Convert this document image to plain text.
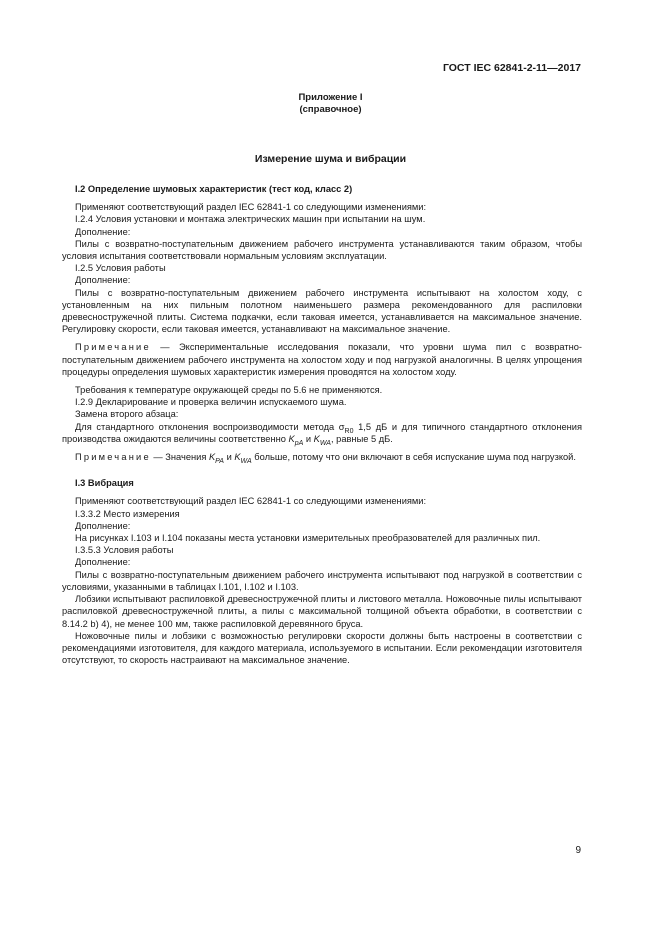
ГОСТ IEC 62841-2-11—2017
Приложение I
(справочное)
Измерение шума и вибрации

I.2 Определение шумовых характеристик (тест код, класс 2)

Применяют соответствующий раздел IEC 62841-1 со следующими изменениями:

I.2.4 Условия установки и монтажа электрических машин при испытании на шум.

Дополнение:

Пилы с возвратно-поступательным движением рабочего инструмента устанавливаются таким образом, чтобы условия испытания соответствовали нормальным условиям эксплуатации.

I.2.5 Условия работы

Дополнение:

Пилы с возвратно-поступательным движением рабочего инструмента испытывают на холостом ходу, с установленным на них пильным полотном наименьшего размера рекомендованного для распиловки древесностружечной плиты. Система подкачки, если таковая имеется, устанавливается на максимальное значение. Регулировку скорости, если таковая имеется, устанавливают на максимальное значение.

Примечание — Экспериментальные исследования показали, что уровни шума пил с возвратно-поступательным движением рабочего инструмента на холостом ходу и под нагрузкой аналогичны. В целях упрощения процедуры определения шумовых характеристик измерения проводятся на холостом ходу.

Требования к температуре окружающей среды по 5.6 не применяются.

I.2.9 Декларирование и проверка величин испускаемого шума.

Замена второго абзаца:

Для стандартного отклонения воспроизводимости метода $\sigma_{R0}$ 1,5 дБ и для типичного стандартного отклонения производства ожидаются величины соответственно $K_{pA}$ и $K_{WA}$, равные 5 дБ.

Примечание — Значения $K_{PA}$ и $K_{WA}$ больше, потому что они включают в себя испускание шума под нагрузкой.

I.3 Вибрация

Применяют соответствующий раздел IEC 62841-1 со следующими изменениями:

I.3.3.2 Место измерения

Дополнение:

На рисунках I.103 и I.104 показаны места установки измерительных преобразователей для различных пил.

I.3.5.3 Условия работы

Дополнение:

Пилы с возвратно-поступательным движением рабочего инструмента испытывают под нагрузкой в соответствии с условиями, указанными в таблицах I.101, I.102 и I.103.

Лобзики испытывают распиловкой древесностружечной плиты и листового металла. Ножовочные пилы испытывают распиловкой древесностружечной плиты, а пилы с максимальной толщиной объекта обработки, в соответствии с 8.14.2 b) 4), не менее 100 мм, также распиловкой деревянного бруса.

Ножовочные пилы и лобзики с возможностью регулировки скорости должны быть настроены в соответствии с рекомендациями изготовителя, для каждого материала, используемого в испытании. Если рекомендации изготовителя отсутствуют, то скорость настраивают на максимальное значение.

9
